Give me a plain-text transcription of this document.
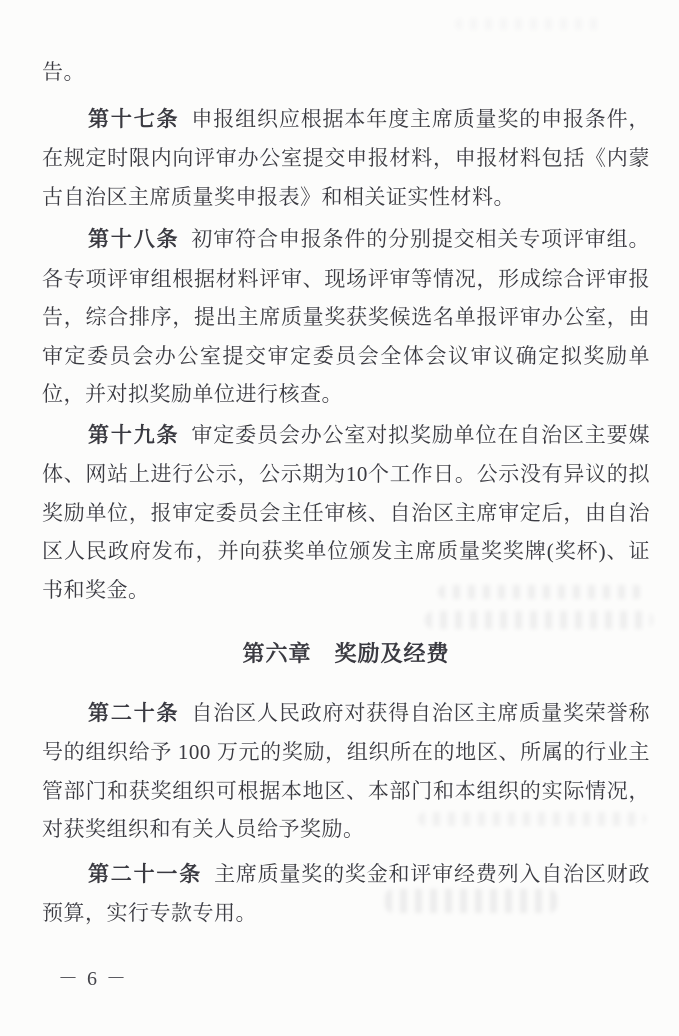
告。

第十七条 申报组织应根据本年度主席质量奖的申报条件，
在规定时限内向评审办公室提交申报材料，申报材料包括《内蒙
古自治区主席质量奖申报表》和相关证实性材料。

第十八条 初审符合申报条件的分别提交相关专项评审组。
各专项评审组根据材料评审、现场评审等情况，形成综合评审报
告，综合排序，提出主席质量奖获奖候选名单报评审办公室，由
审定委员会办公室提交审定委员会全体会议审议确定拟奖励单
位，并对拟奖励单位进行核查。

第十九条 审定委员会办公室对拟奖励单位在自治区主要媒
体、网站上进行公示，公示期为10个工作日。公示没有异议的拟
奖励单位，报审定委员会主任审核、自治区主席审定后，由自治
区人民政府发布，并向获奖单位颁发主席质量奖奖牌(奖杯)、证
书和奖金。

第六章　奖励及经费

第二十条 自治区人民政府对获得自治区主席质量奖荣誉称
号的组织给予 100 万元的奖励，组织所在的地区、所属的行业主
管部门和获奖组织可根据本地区、本部门和本组织的实际情况，
对获奖组织和有关人员给予奖励。

第二十一条 主席质量奖的奖金和评审经费列入自治区财政
预算，实行专款专用。

－ 6 －
